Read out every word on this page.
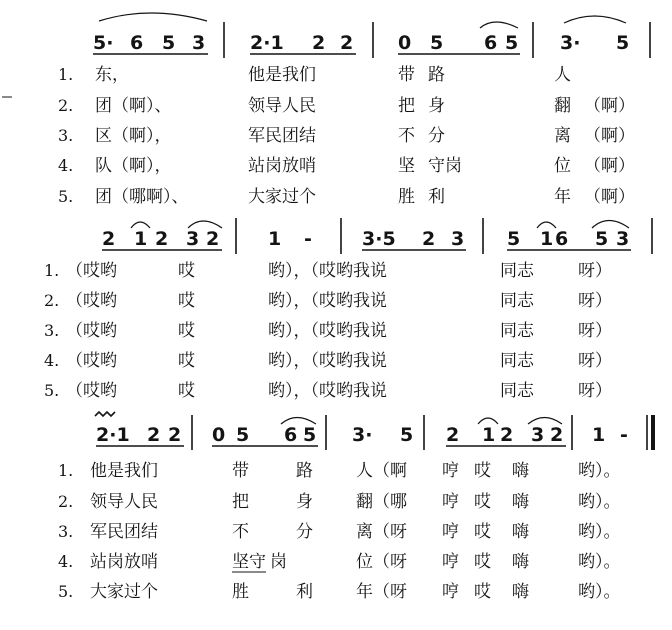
5· 6 5 3 2·1 2 2 0 5 6 5 3· 5
1. 东，	他是我们	带 路	人
2. 团（啊）、	领导人民	把 身	翻 （啊）
3. 区（啊），	军民团结	不 分	离 （啊）
4. 队（啊），	站岗放哨	坚 守岗	位 （啊）
5. 团（哪啊）、	大家过个	胜 利	年 （啊）
2 1 2 3 2	1 -	3·5 2 3 5 1 6 5 3
1. （哎哟	哎	哟），（哎哟我说	同志	呀）
2. （哎哟	哎	哟），（哎哟我说	同志	呀）
3. （哎哟	哎	哟），（哎哟我说	同志	呀）
4. （哎哟	哎	哟），（哎哟我说	同志	呀）
5. （哎哟	哎	哟），（哎哟我说	同志	呀）
2·1 2 2 0 5 6 5 3· 5 2 1 2 3 2 1 -
1. 他是我们	带	路	人（啊 哼 哎 嗨	哟）。
2. 领导人民	把	身	翻（哪 哼 哎 嗨	哟）。
3. 军民团结	不	分	离（呀 哼 哎 嗨	哟）。
4. 站岗放哨	坚守 岗	位（呀 哼 哎 嗨	哟）。
5. 大家过个	胜	利	年（呀 哼 哎 嗨	哟）。
